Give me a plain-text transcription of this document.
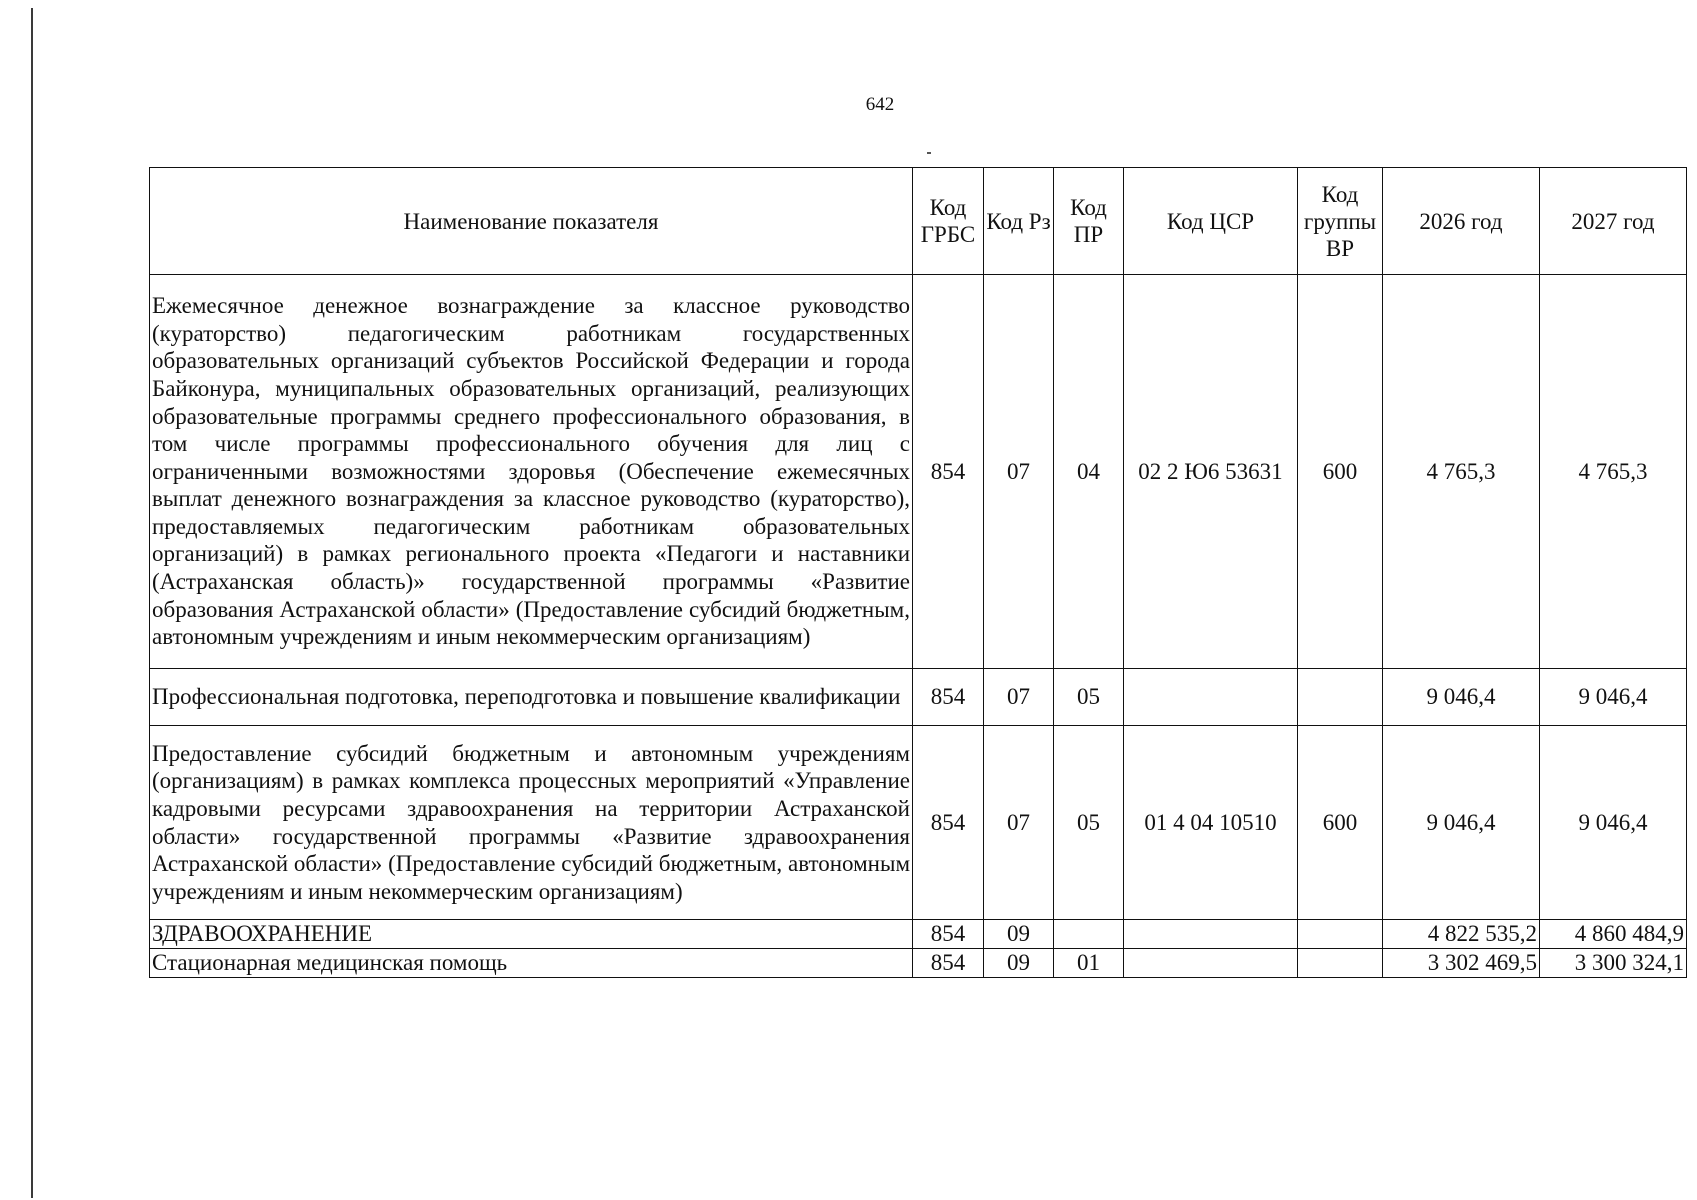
642
Наименование показателя	Код ГРБС	Код Рз	Код ПР	Код ЦСР	Код группы ВР	2026 год	2027 год

Ежемесячное денежное вознаграждение за классное руководство (кураторство) педагогическим работникам государственных образовательных организаций субъектов Российской Федерации и города Байконура, муниципальных образовательных организаций, реализующих образовательные программы среднего профессионального образования, в том числе программы профессионального обучения для лиц с ограниченными возможностями здоровья (Обеспечение ежемесячных выплат денежного вознаграждения за классное руководство (кураторство), предоставляемых педагогическим работникам образовательных организаций) в рамках регионального проекта «Педагоги и наставники (Астраханская область)» государственной программы «Развитие образования Астраханской области» (Предоставление субсидий бюджетным, автономным учреждениям и иным некоммерческим организациям)	854	07	04	02 2 Ю6 53631	600	4 765,3	4 765,3

Профессиональная подготовка, переподготовка и повышение квалификации	854	07	05			9 046,4	9 046,4

Предоставление субсидий бюджетным и автономным учреждениям (организациям) в рамках комплекса процессных мероприятий «Управление кадровыми ресурсами здравоохранения на территории Астраханской области» государственной программы «Развитие здравоохранения Астраханской области» (Предоставление субсидий бюджетным, автономным учреждениям и иным некоммерческим организациям)	854	07	05	01 4 04 10510	600	9 046,4	9 046,4

ЗДРАВООХРАНЕНИЕ	854	09				4 822 535,2	4 860 484,9

Стационарная медицинская помощь	854	09	01			3 302 469,5	3 300 324,1
